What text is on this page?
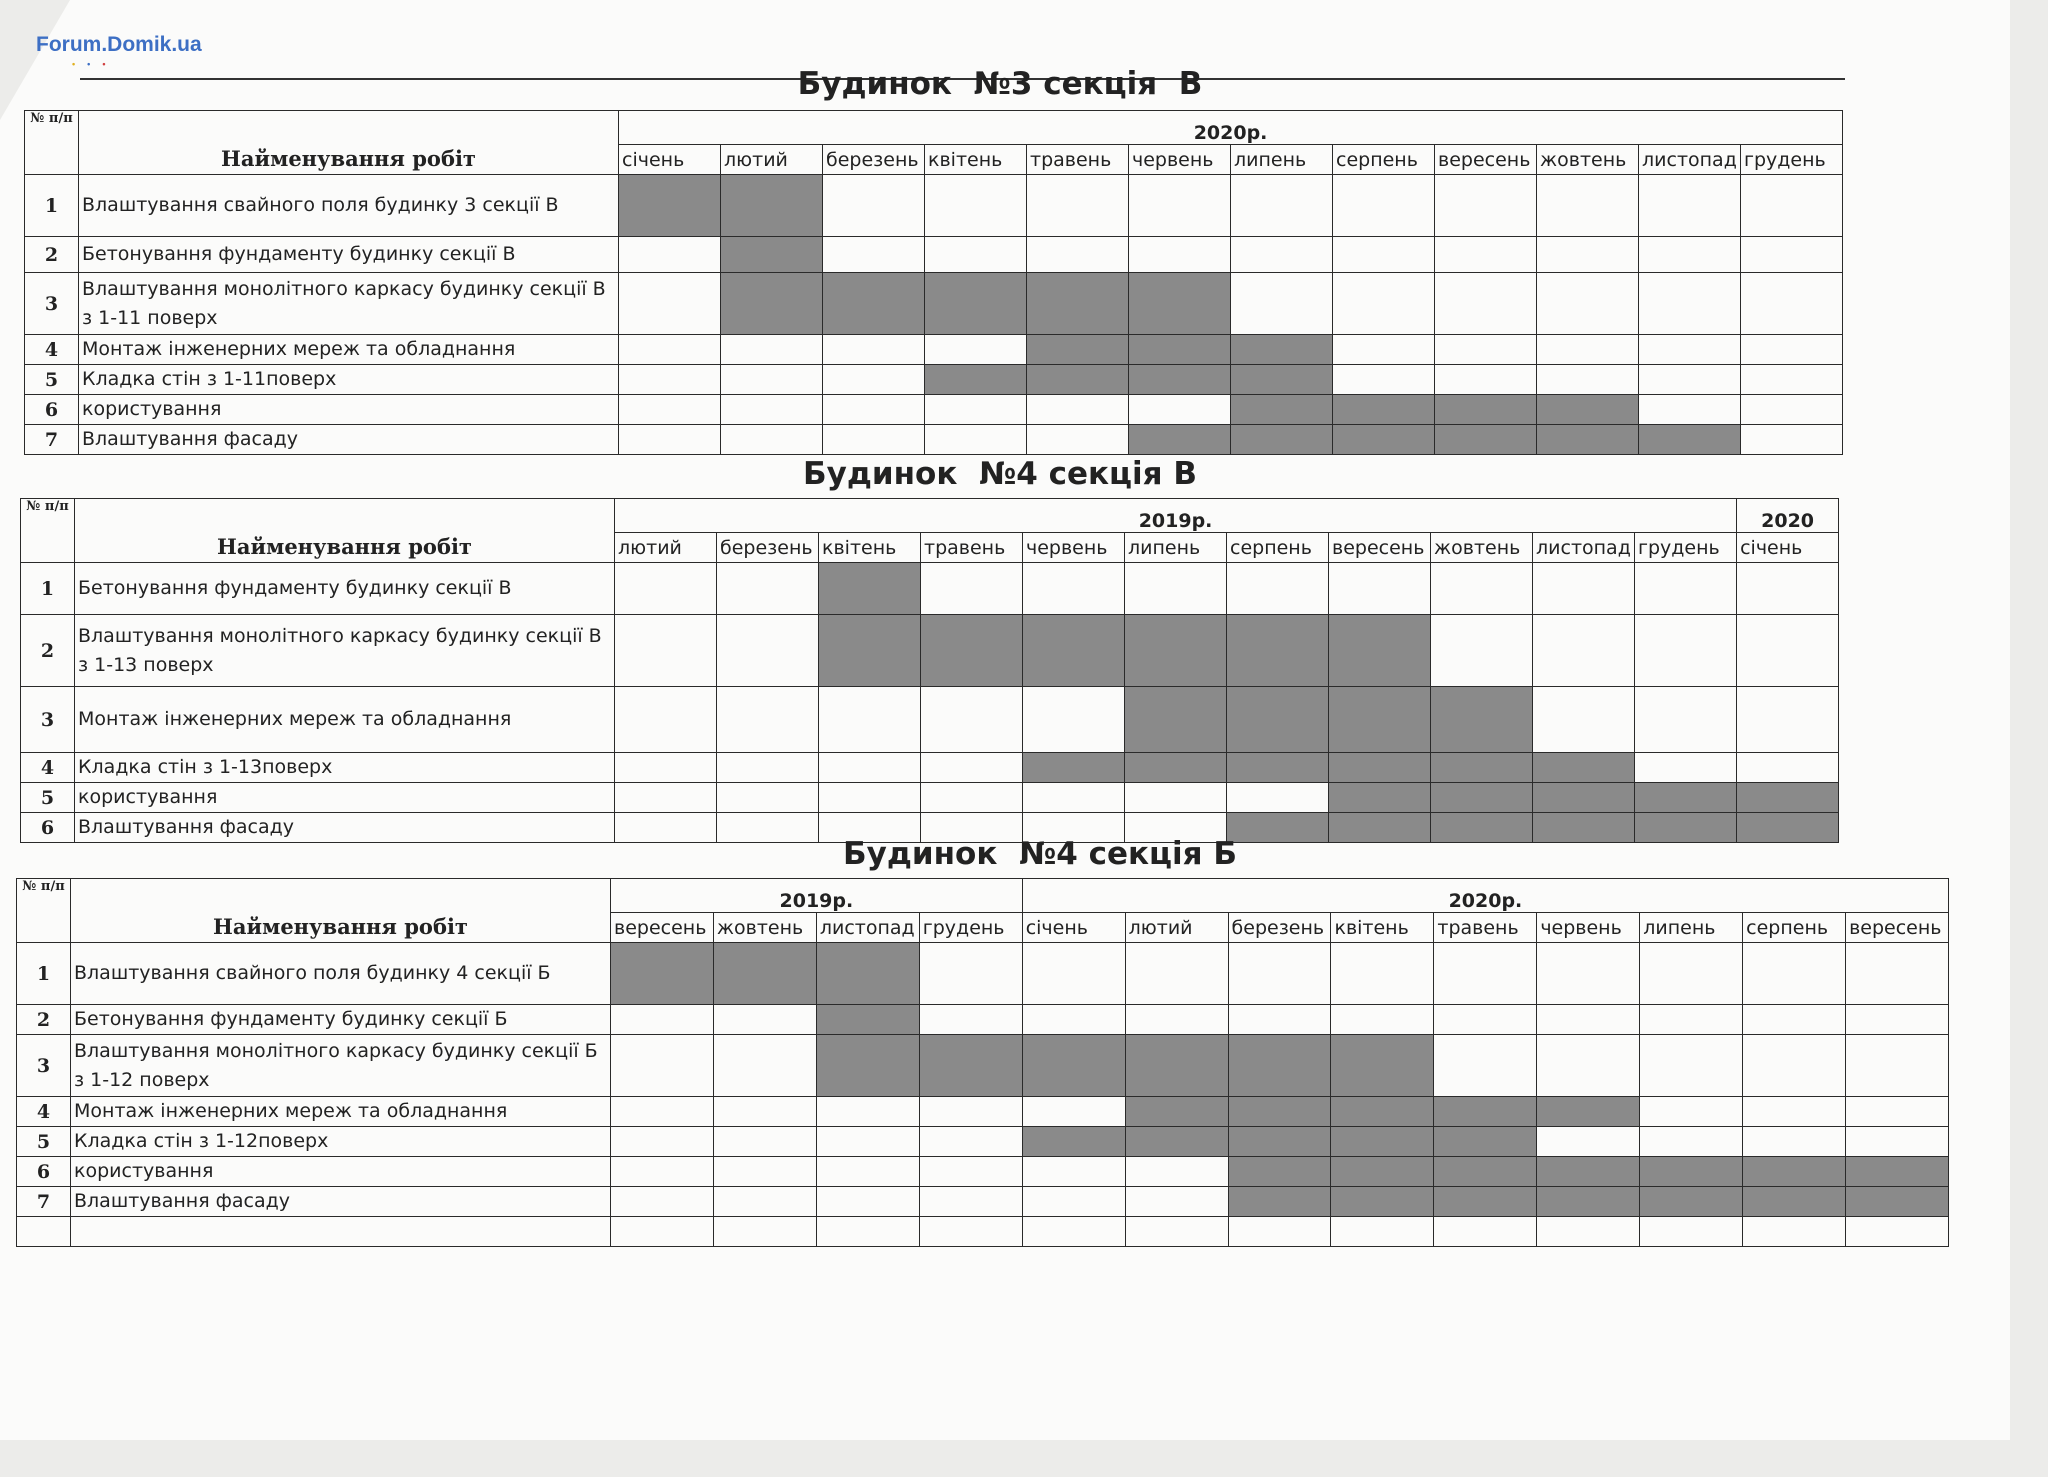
Forum.Domik.ua
•••
Будинок  №3 секція  В
№ п/п	Найменування робіт	2020р.											
		січень	лютий	березень	квітень	травень	червень	липень	серпень	вересень	жовтень	листопад	грудень
1	Влаштування свайного поля будинку 3 секції В												
2	Бетонування фундаменту будинку секції В												
3	Влаштування монолітного каркасу будинку секції В з 1-11 поверх												
4	Монтаж інженерних мереж та обладнання												
5	Кладка стін з 1-11поверх												
6	користування												
7	Влаштування фасаду												
Будинок  №4 секція В
№ п/п	Найменування робіт	2019р.											2020
		лютий	березень	квітень	травень	червень	липень	серпень	вересень	жовтень	листопад	грудень	січень
1	Бетонування фундаменту будинку секції В												
2	Влаштування монолітного каркасу будинку секції В з 1-13 поверх												
3	Монтаж інженерних мереж та обладнання												
4	Кладка стін з 1-13поверх												
5	користування												
6	Влаштування фасаду												
Будинок  №4 секція Б
№ п/п	Найменування робіт	2019р.				2020р.								
		вересень	жовтень	листопад	грудень	січень	лютий	березень	квітень	травень	червень	липень	серпень	вересень
1	Влаштування свайного поля будинку 4 секції Б													
2	Бетонування фундаменту будинку секції Б													
3	Влаштування монолітного каркасу будинку секції Б з 1-12 поверх													
4	Монтаж інженерних мереж та обладнання													
5	Кладка стін з 1-12поверх													
6	користування													
7	Влаштування фасаду													
